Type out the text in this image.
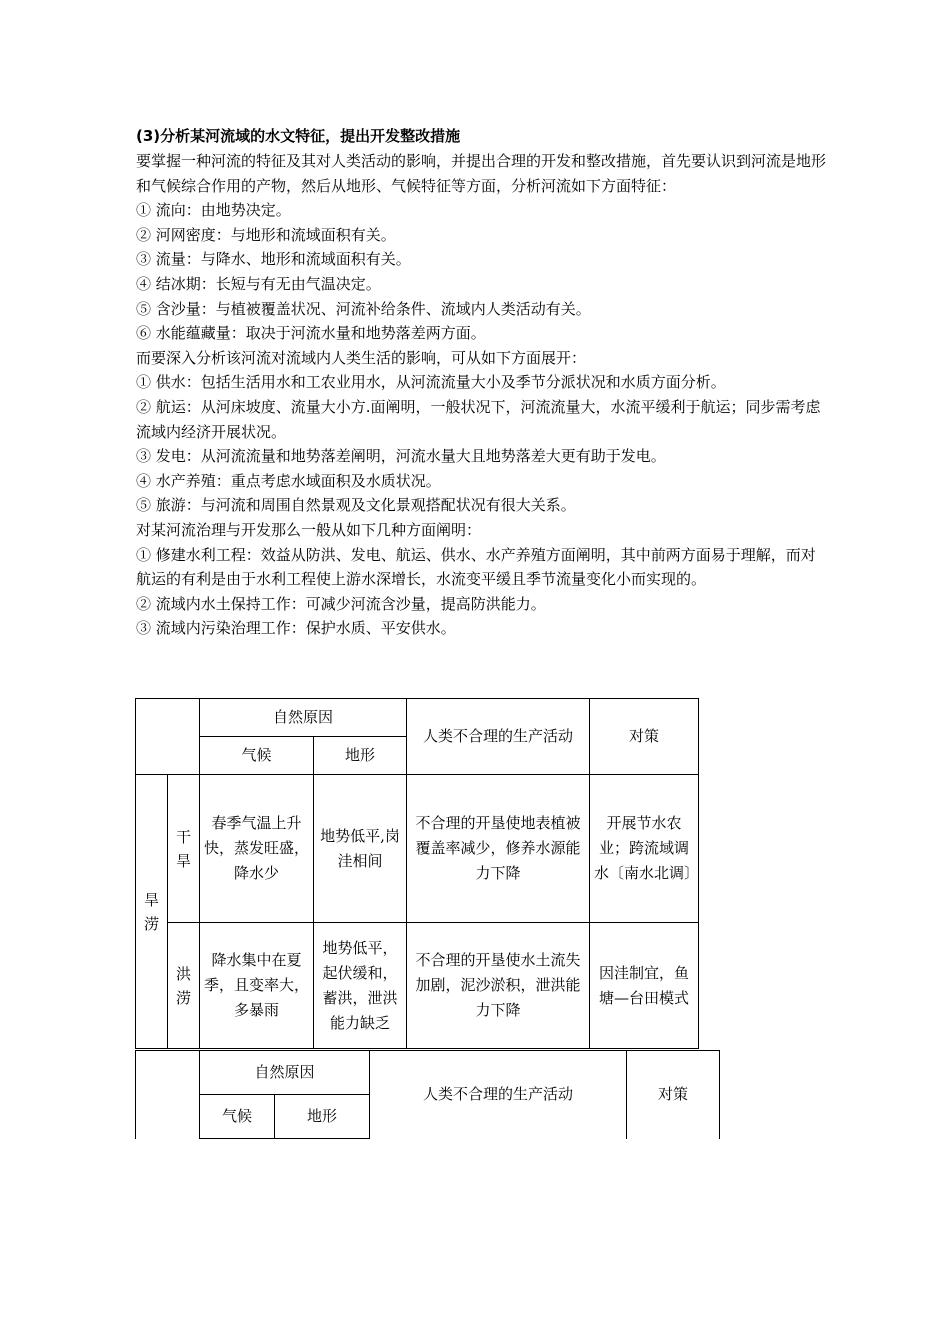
(3)分析某河流域的水文特征，提出开发整改措施
要掌握一种河流的特征及其对人类活动的影响，并提出合理的开发和整改措施，首先要认识到河流是地形和气候综合作用的产物，然后从地形、气候特征等方面，分析河流如下方面特征：
① 流向：由地势决定。
② 河网密度：与地形和流域面积有关。
③ 流量：与降水、地形和流域面积有关。
④ 结冰期：长短与有无由气温决定。
⑤ 含沙量：与植被覆盖状况、河流补给条件、流域内人类活动有关。
⑥ 水能蕴藏量：取决于河流水量和地势落差两方面。
而要深入分析该河流对流域内人类生活的影响，可从如下方面展开：
① 供水：包括生活用水和工农业用水，从河流流量大小及季节分派状况和水质方面分析。
② 航运：从河床坡度、流量大小方.面阐明，一般状况下，河流流量大，水流平缓利于航运；同步需考虑流域内经济开展状况。
③ 发电：从河流流量和地势落差阐明，河流水量大且地势落差大更有助于发电。
④ 水产养殖：重点考虑水域面积及水质状况。
⑤ 旅游：与河流和周围自然景观及文化景观搭配状况有很大关系。
对某河流治理与开发那么一般从如下几种方面阐明：
① 修建水利工程：效益从防洪、发电、航运、供水、水产养殖方面阐明，其中前两方面易于理解，而对航运的有利是由于水利工程使上游水深增长，水流变平缓且季节流量变化小而实现的。
② 流域内水土保持工作：可减少河流含沙量，提高防洪能力。
③ 流域内污染治理工作：保护水质、平安供水。
		自然原因		人类不合理的生产活动	对策
		气候	地形		

旱涝	干旱	春季气温上升快，蒸发旺盛，降水少	地势低平,岗洼相间	不合理的开垦使地表植被覆盖率减少，修养水源能力下降	开展节水农业；跨流域调水〔南水北调〕

	洪涝	降水集中在夏季，且变率大，多暴雨	地势低平，起伏缓和，蓄洪，泄洪能力缺乏	不合理的开垦使水土流失加剧，泥沙淤积，泄洪能力下降	因洼制宜，鱼塘—台田模式
	自然原因		人类不合理的生产活动	对策
	气候	地形		
